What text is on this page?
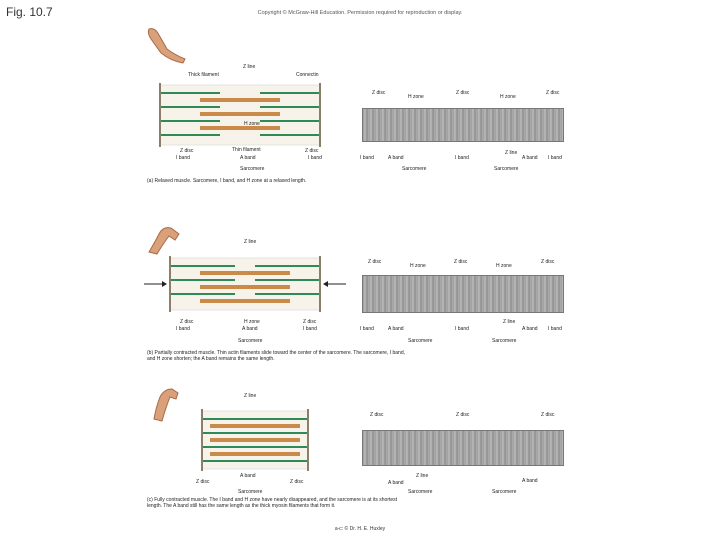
Fig. 10.7	Copyright © McGraw-Hill Education. Permission required for reproduction or display.
Thick filament
Z line
Connectin
H zone
Z disc	Thin filament	Z disc
I band	A band	I band
Sarcomere
Z disc
H zone
Z disc
H zone
Z disc
I band	A band	I band
Z line
A band I band
Sarcomere	Sarcomere
(a) Relaxed muscle. Sarcomere, I band, and H zone at a relaxed length.
Z line
Z disc	H zone	Z disc
I band	A band	I band
Sarcomere
Z disc
H zone
Z disc
H zone
Z disc
I band	A band	I band
Z line
A band I band
Sarcomere	Sarcomere
(b) Partially contracted muscle. Thin actin filaments slide toward the center of the sarcomere. The sarcomere, I band, and H zone shorten; the A band remains the same length.
Z line
A band
Z disc	Z disc
Sarcomere
Z disc	Z disc	Z disc
A band
Z line
A band
Sarcomere	Sarcomere
(c) Fully contracted muscle. The I band and H zone have nearly disappeared, and the sarcomere is at its shortest length. The A band still has the same length as the thick myosin filaments that form it.
a-c: © Dr. H. E. Huxley
